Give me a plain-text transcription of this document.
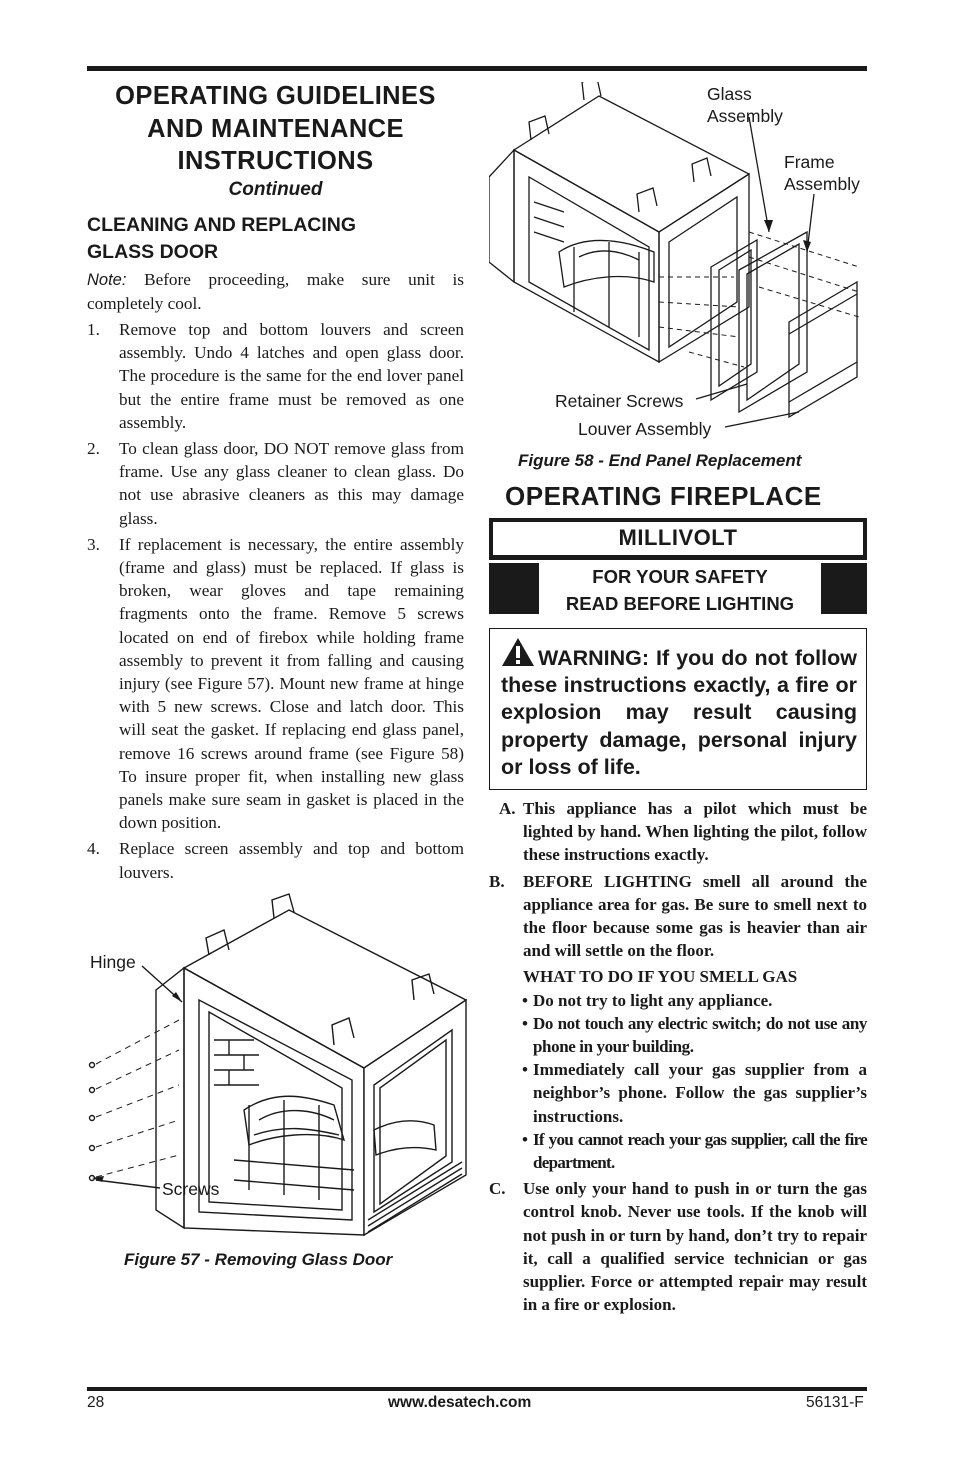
OPERATING GUIDELINES
AND MAINTENANCE
INSTRUCTIONS
Continued
CLEANING AND REPLACING
GLASS DOOR
Note: Before proceeding, make sure unit is completely cool.
1. Remove top and bottom louvers and screen assembly. Undo 4 latches and open glass door. The procedure is the same for the end lover panel but the entire frame must be removed as one assembly.
2. To clean glass door, DO NOT remove glass from frame. Use any glass cleaner to clean glass. Do not use abrasive cleaners as this may damage glass.
3. If replacement is necessary, the entire assembly (frame and glass) must be replaced. If glass is broken, wear gloves and tape remaining fragments onto the frame. Remove 5 screws located on end of firebox while holding frame assembly to prevent it from falling and causing injury (see Figure 57). Mount new frame at hinge with 5 new screws. Close and latch door. This will seat the gasket. If replacing end glass panel, remove 16 screws around frame (see Figure 58) To insure proper fit, when installing new glass panels make sure seam in gasket is placed in the down position.
4. Replace screen assembly and top and bottom louvers.
Hinge
Screws
Figure 57 - Removing Glass Door
Glass
Assembly
Frame
Assembly
Retainer Screws
Louver Assembly
Figure 58 - End Panel Replacement
OPERATING FIREPLACE
MILLIVOLT
FOR YOUR SAFETY
READ BEFORE LIGHTING
WARNING: If you do not follow these instructions exactly, a fire or explosion may result causing property damage, personal injury or loss of life.
A. This appliance has a pilot which must be lighted by hand. When lighting the pilot, follow these instructions exactly.
B. BEFORE LIGHTING smell all around the appliance area for gas. Be sure to smell next to the floor because some gas is heavier than air and will settle on the floor.
WHAT TO DO IF YOU SMELL GAS
• Do not try to light any appliance.
• Do not touch any electric switch; do not use any phone in your building.
• Immediately call your gas supplier from a neighbor’s phone. Follow the gas supplier’s instructions.
• If you cannot reach your gas supplier, call the fire department.
C. Use only your hand to push in or turn the gas control knob. Never use tools. If the knob will not push in or turn by hand, don’t try to repair it, call a qualified service technician or gas supplier. Force or attempted repair may result in a fire or explosion.
28	www.desatech.com	56131-F
